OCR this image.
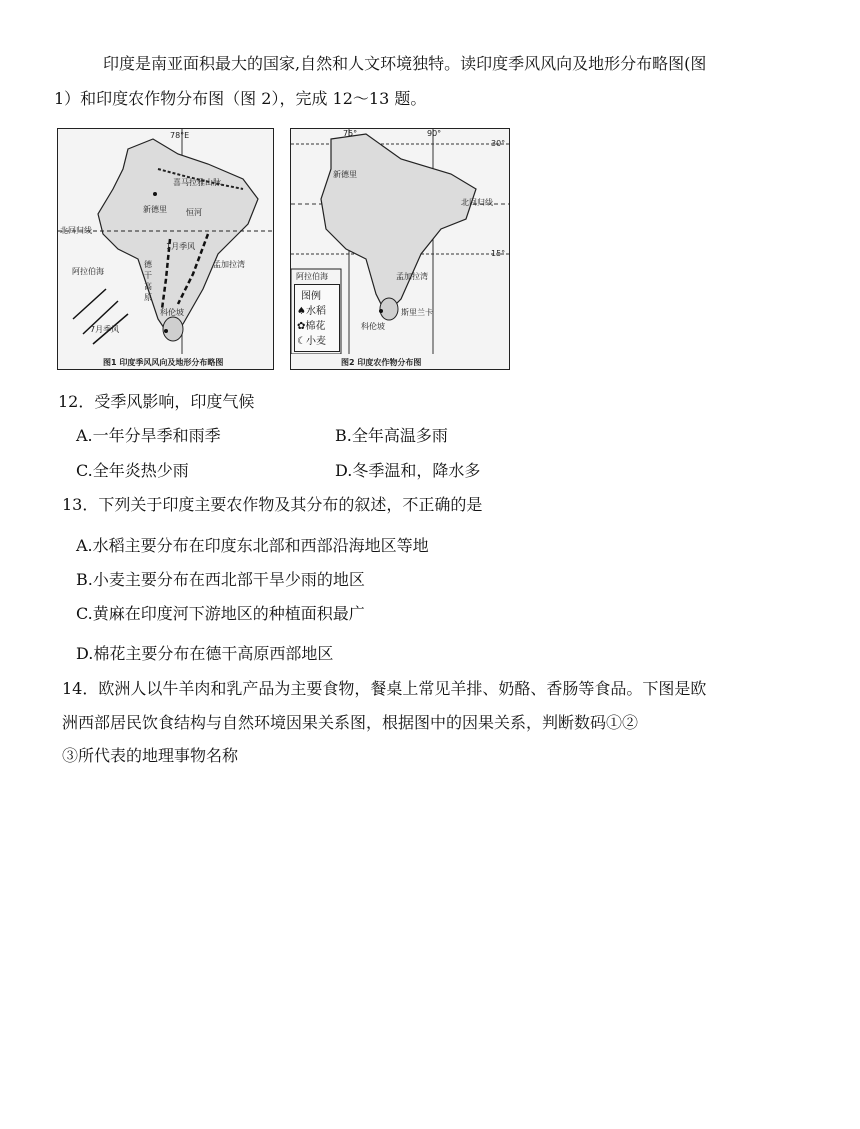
印度是南亚面积最大的国家,自然和人文环境独特。读印度季风风向及地形分布略图(图
1）和印度农作物分布图（图 2），完成 12～13 题。
78°E
喜马拉雅山脉
新德里 恒河
北回归线
1月季风
德干高原
阿拉伯海
孟加拉湾
科伦坡
7月季风
图1 印度季风风向及地形分布略图
75°	90°
30°
15°
新德里
北回归线
阿拉伯海	孟加拉湾
斯里兰卡
科伦坡
图例
♠水稻
✿棉花
☾小麦
图2 印度农作物分布图
12．受季风影响，印度气候
A.一年分旱季和雨季	B.全年高温多雨
C.全年炎热少雨	D.冬季温和，降水多
13．下列关于印度主要农作物及其分布的叙述，不正确的是
A.水稻主要分布在印度东北部和西部沿海地区等地
B.小麦主要分布在西北部干旱少雨的地区
C.黄麻在印度河下游地区的种植面积最广
D.棉花主要分布在德干高原西部地区
14．欧洲人以牛羊肉和乳产品为主要食物，餐桌上常见羊排、奶酪、香肠等食品。下图是欧
洲西部居民饮食结构与自然环境因果关系图，根据图中的因果关系，判断数码①②
③所代表的地理事物名称
